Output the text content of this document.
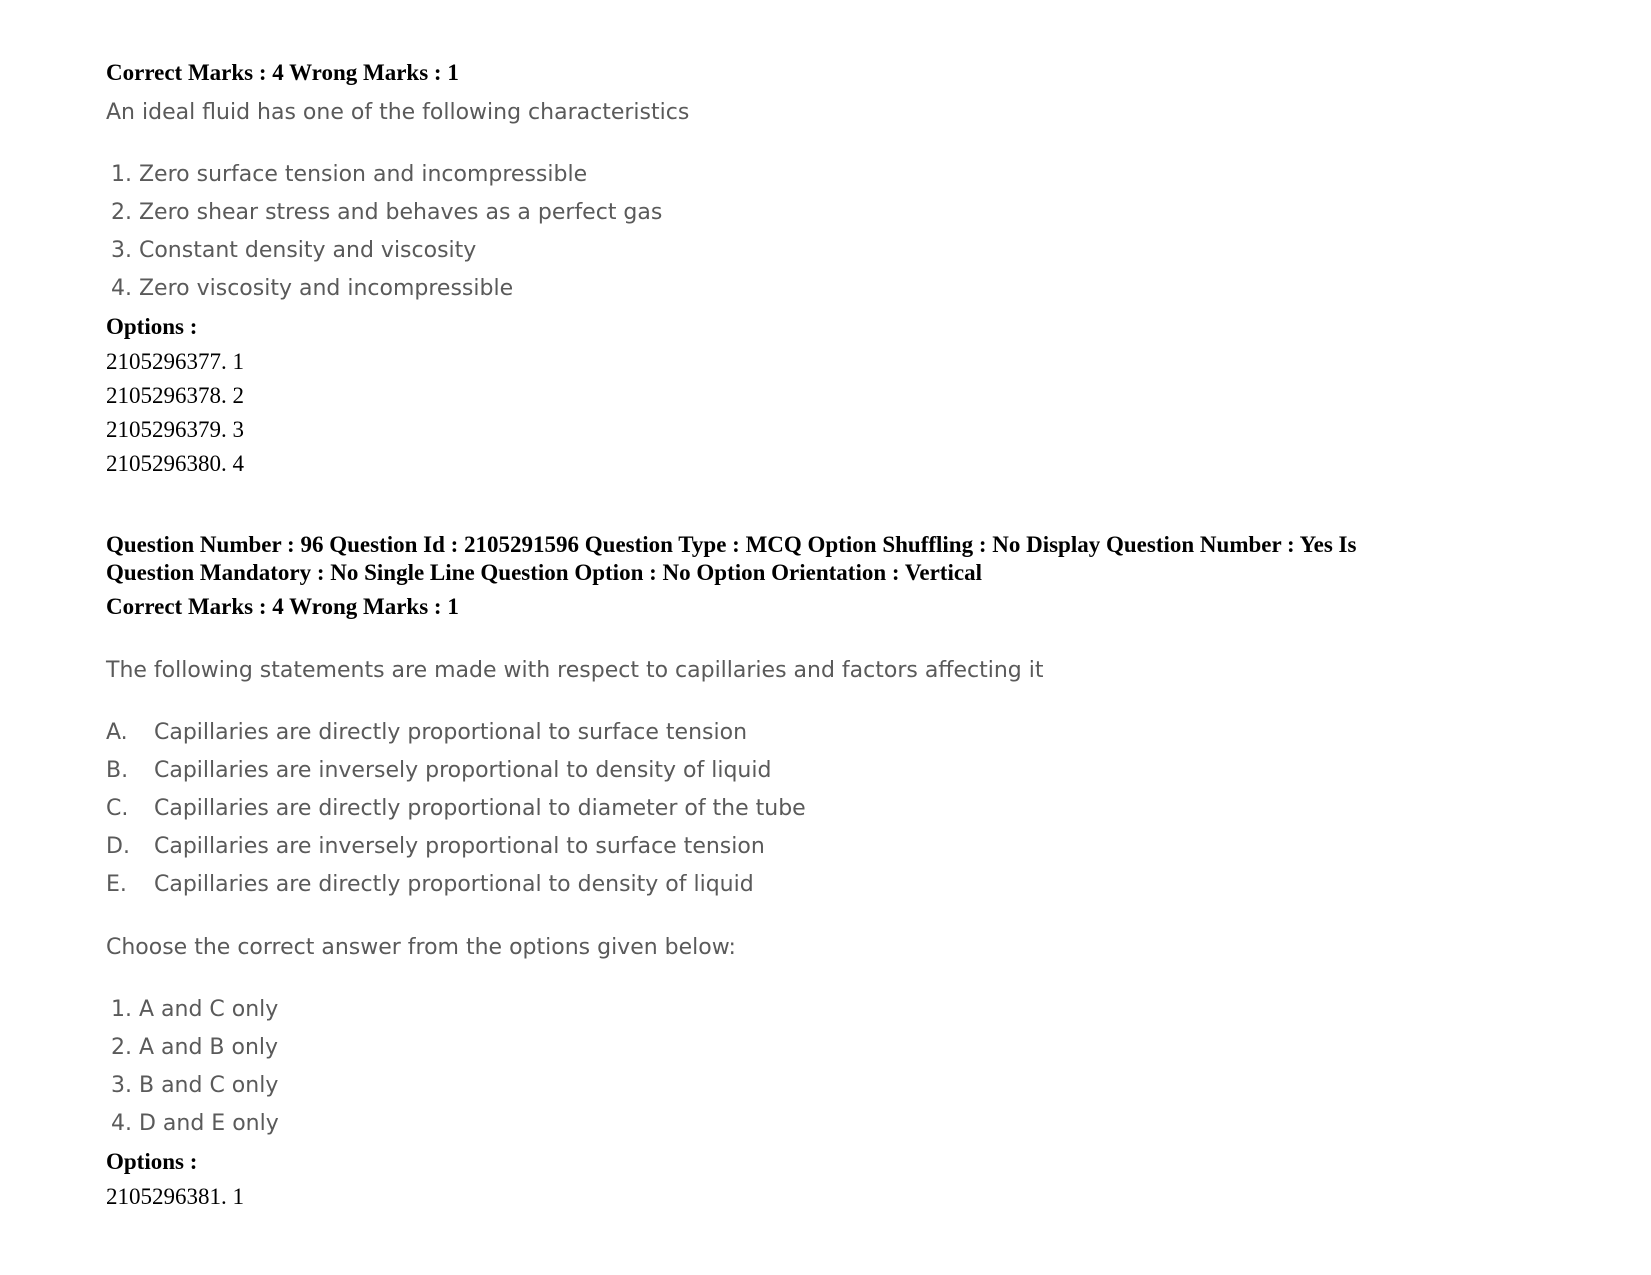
Correct Marks : 4 Wrong Marks : 1
An ideal fluid has one of the following characteristics
1. Zero surface tension and incompressible
2. Zero shear stress and behaves as a perfect gas
3. Constant density and viscosity
4. Zero viscosity and incompressible
Options :
2105296377. 1
2105296378. 2
2105296379. 3
2105296380. 4
Question Number : 96 Question Id : 2105291596 Question Type : MCQ Option Shuffling : No Display Question Number : Yes Is
Question Mandatory : No Single Line Question Option : No Option Orientation : Vertical
Correct Marks : 4 Wrong Marks : 1
The following statements are made with respect to capillaries and factors affecting it
A.	Capillaries are directly proportional to surface tension
B.	Capillaries are inversely proportional to density of liquid
C.	Capillaries are directly proportional to diameter of the tube
D.	Capillaries are inversely proportional to surface tension
E.	Capillaries are directly proportional to density of liquid
Choose the correct answer from the options given below:
1. A and C only
2. A and B only
3. B and C only
4. D and E only
Options :
2105296381. 1
